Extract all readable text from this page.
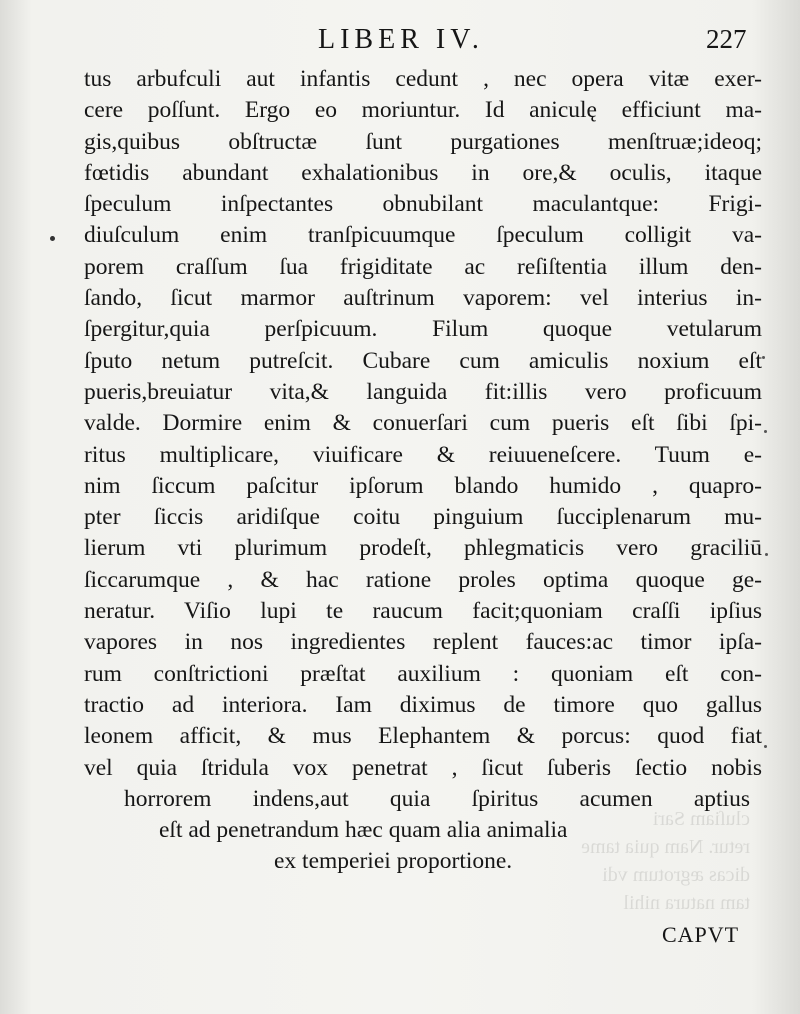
LIBER IV.	227
cluſiam Sari
retur. Nam quia tame
dicas ægrotum vdi
tam natura nihil
tus arbufculi aut infantis cedunt , nec opera vitæ exer-
cere poſſunt. Ergo eo moriuntur. Id aniculę efficiunt ma-
gis,quibus obſtructæ ſunt purgationes menſtruæ;ideoq;
fœtidis abundant exhalationibus in ore,& oculis, itaque
ſpeculum inſpectantes obnubilant maculantque: Frigi-
diuſculum enim tranſpicuumque ſpeculum colligit va-
porem craſſum ſua frigiditate ac reſiſtentia illum den-
ſando, ſicut marmor auſtrinum vaporem: vel interius in-
ſpergitur,quia perſpicuum. Filum quoque vetularum
ſputo netum putreſcit. Cubare cum amiculis noxium eſt
pueris,breuiatur vita,& languida fit:illis vero proficuum
valde. Dormire enim & conuerſari cum pueris eſt ſibi ſpi-
ritus multiplicare, viuificare & reiuueneſcere. Tuum e-
nim ſiccum paſcitur ipſorum blando humido , quapro-
pter ſiccis aridiſque coitu pinguium ſucciplenarum mu-
lierum vti plurimum prodeſt, phlegmaticis vero graciliū
ſiccarumque , & hac ratione proles optima quoque ge-
neratur. Viſio lupi te raucum facit;quoniam craſſi ipſius
vapores in nos ingredientes replent fauces:ac timor ipſa-
rum conſtrictioni præſtat auxilium : quoniam eſt con-
tractio ad interiora. Iam diximus de timore quo gallus
leonem afficit, & mus Elephantem & porcus: quod fiat
vel quia ſtridula vox penetrat , ſicut ſuberis ſectio nobis
horrorem indens,aut quia ſpiritus acumen aptius
eſt ad penetrandum hæc quam alia animalia
ex temperiei proportione.
CAPVT
